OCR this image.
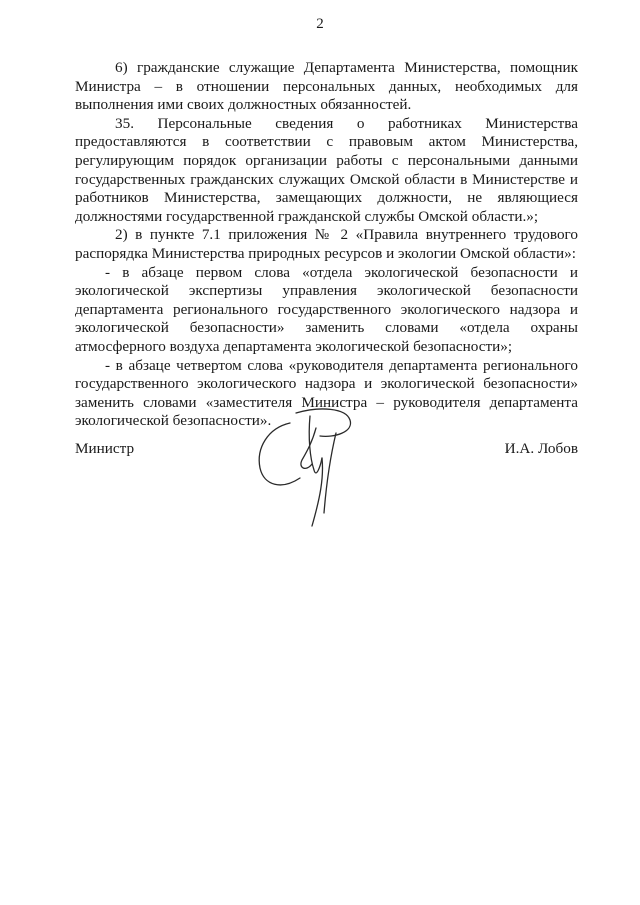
2

6) гражданские служащие Департамента Министерства, помощник Министра – в отношении персональных данных, необходимых для выполнения ими своих должностных обязанностей.

35. Персональные сведения о работниках Министерства предоставляются в соответствии с правовым актом Министерства, регулирующим порядок организации работы с персональными данными государственных гражданских служащих Омской области в Министерстве и работников Министерства, замещающих должности, не являющиеся должностями государственной гражданской службы Омской области.»;

2) в пункте 7.1 приложения № 2 «Правила внутреннего трудового распорядка Министерства природных ресурсов и экологии Омской области»:

- в абзаце первом слова «отдела экологической безопасности и экологической экспертизы управления экологической безопасности департамента регионального государственного экологического надзора и экологической безопасности» заменить словами «отдела охраны атмосферного воздуха департамента экологической безопасности»;

- в абзаце четвертом слова «руководителя департамента регионального государственного экологического надзора и экологической безопасности» заменить словами «заместителя Министра – руководителя департамента экологической безопасности».

Министр	И.А. Лобов
